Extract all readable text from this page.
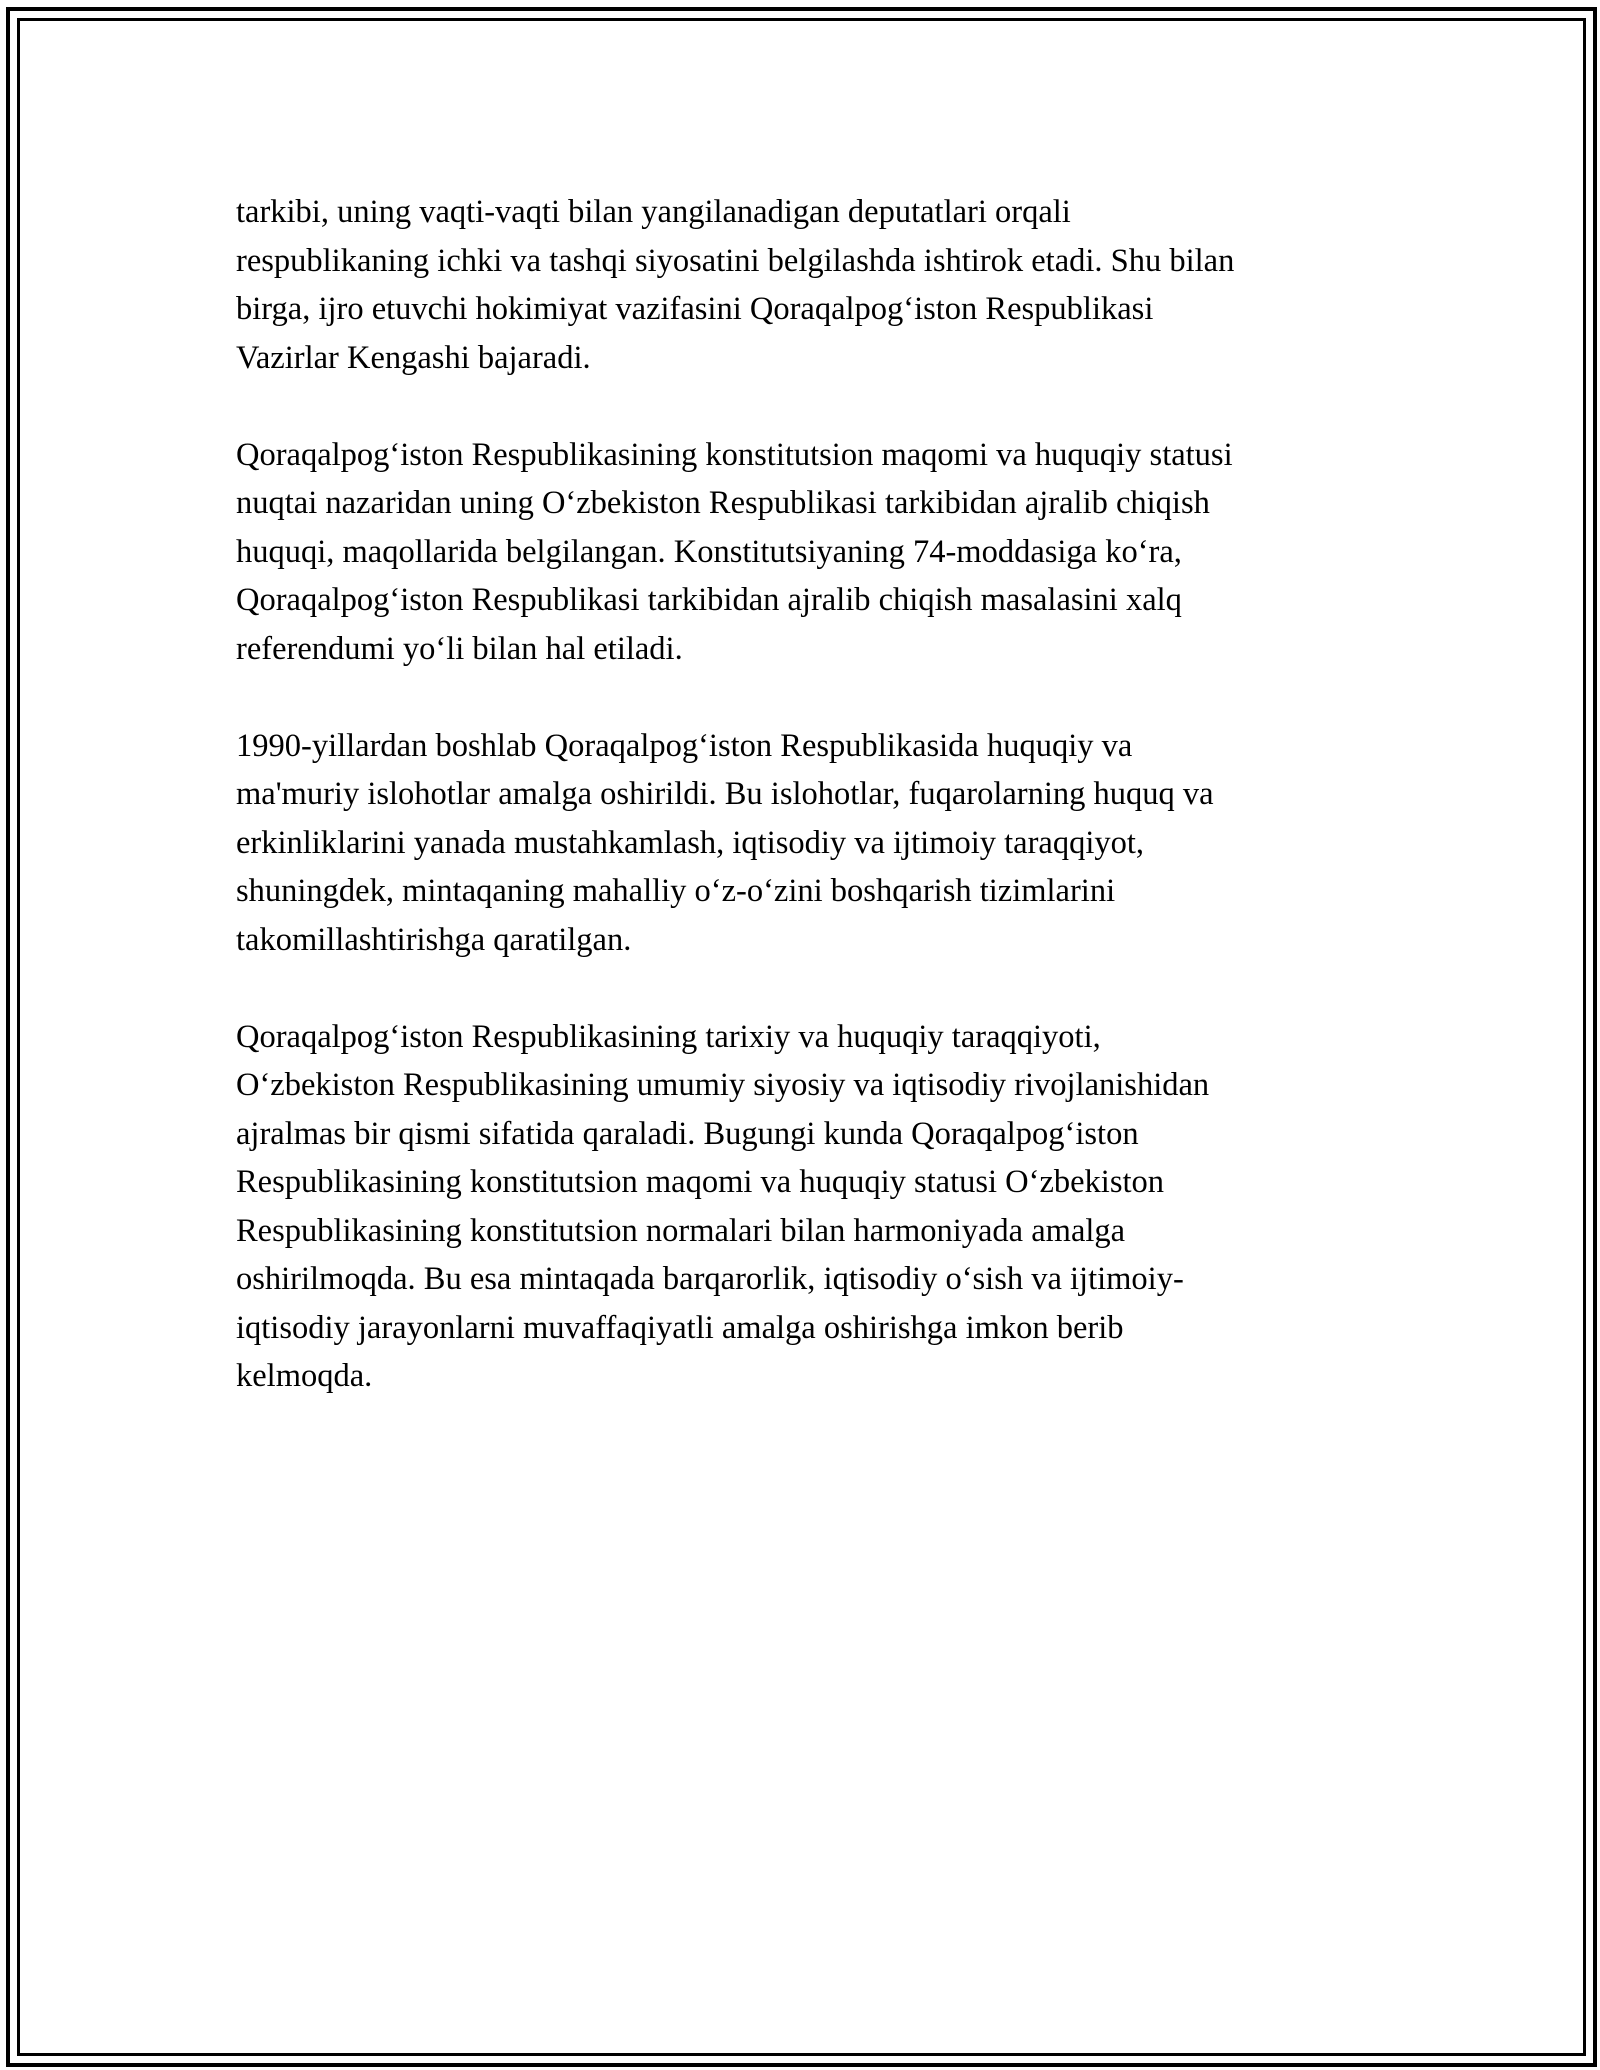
tarkibi, uning vaqti-vaqti bilan yangilanadigan deputatlari orqali
respublikaning ichki va tashqi siyosatini belgilashda ishtirok etadi. Shu bilan
birga, ijro etuvchi hokimiyat vazifasini Qoraqalpog‘iston Respublikasi
Vazirlar Kengashi bajaradi.

Qoraqalpog‘iston Respublikasining konstitutsion maqomi va huquqiy statusi
nuqtai nazaridan uning O‘zbekiston Respublikasi tarkibidan ajralib chiqish
huquqi, maqollarida belgilangan. Konstitutsiyaning 74-moddasiga ko‘ra,
Qoraqalpog‘iston Respublikasi tarkibidan ajralib chiqish masalasini xalq
referendumi yo‘li bilan hal etiladi.

1990-yillardan boshlab Qoraqalpog‘iston Respublikasida huquqiy va
ma'muriy islohotlar amalga oshirildi. Bu islohotlar, fuqarolarning huquq va
erkinliklarini yanada mustahkamlash, iqtisodiy va ijtimoiy taraqqiyot,
shuningdek, mintaqaning mahalliy o‘z-o‘zini boshqarish tizimlarini
takomillashtirishga qaratilgan.

Qoraqalpog‘iston Respublikasining tarixiy va huquqiy taraqqiyoti,
O‘zbekiston Respublikasining umumiy siyosiy va iqtisodiy rivojlanishidan
ajralmas bir qismi sifatida qaraladi. Bugungi kunda Qoraqalpog‘iston
Respublikasining konstitutsion maqomi va huquqiy statusi O‘zbekiston
Respublikasining konstitutsion normalari bilan harmoniyada amalga
oshirilmoqda. Bu esa mintaqada barqarorlik, iqtisodiy o‘sish va ijtimoiy-
iqtisodiy jarayonlarni muvaffaqiyatli amalga oshirishga imkon berib
kelmoqda.
